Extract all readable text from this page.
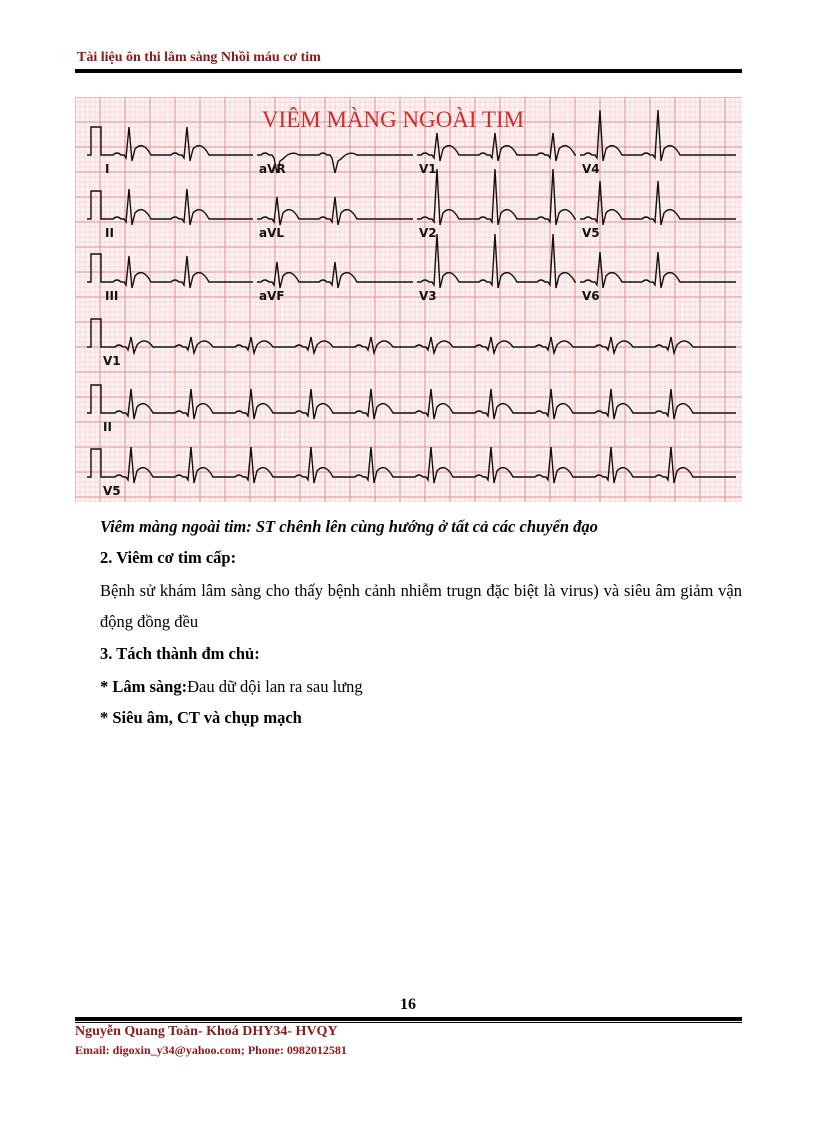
Tài liệu ôn thi lâm sàng Nhồi máu cơ tim
I	aVR	V1	V4
II	aVL	V2	V5
III	aVF	V3	V6
V1
II
V5
VIÊM MÀNG NGOÀI TIM
Viêm màng ngoài tim: ST chênh lên cùng hướng ở tất cả các chuyển đạo
2. Viêm cơ tim cấp:
Bệnh sử khám lâm sàng cho thấy bệnh cảnh nhiễm trugn đặc biệt là virus) và siêu âm giảm vận động đồng đều
3. Tách thành đm chủ:
* Lâm sàng:Đau dữ dội lan ra sau lưng
* Siêu âm, CT và chụp mạch
16
Nguyễn Quang Toàn- Khoá DHY34- HVQY
Email: digoxin_y34@yahoo.com; Phone: 0982012581
